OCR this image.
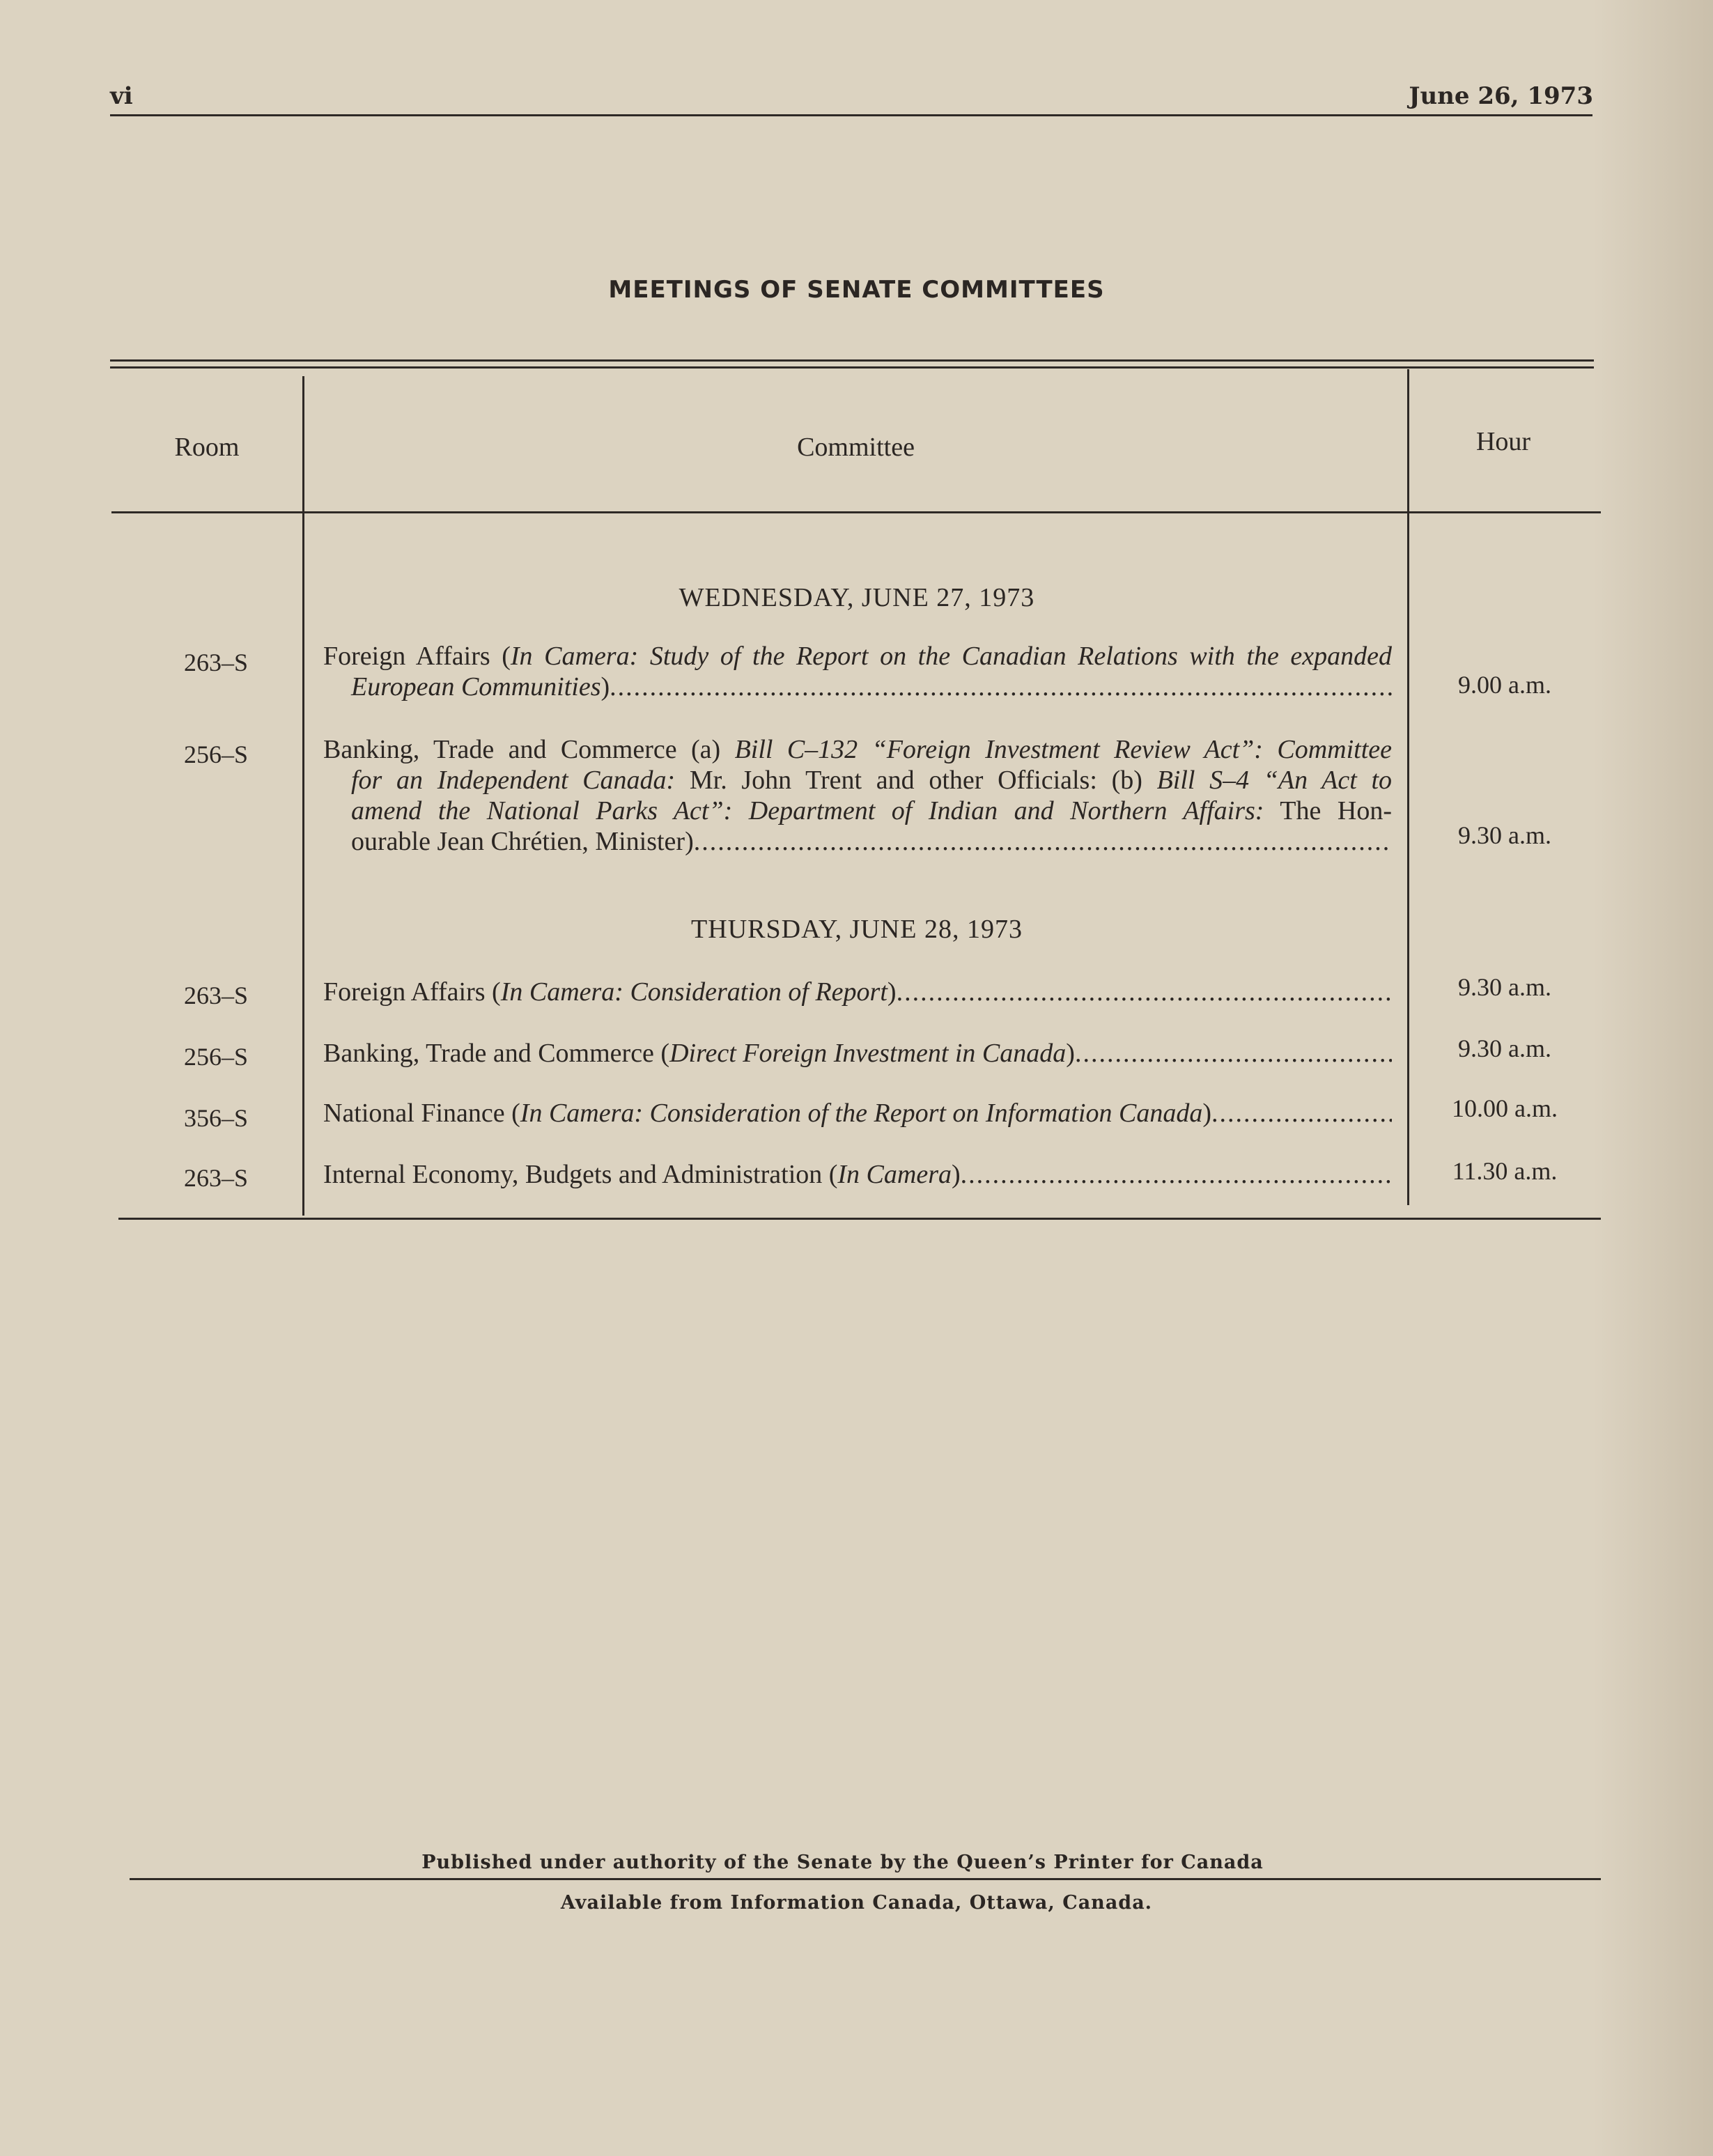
vi	June 26, 1973
MEETINGS OF SENATE COMMITTEES
Room	Committee	Hour
WEDNESDAY, JUNE 27, 1973
263–S	Foreign Affairs (In Camera: Study of the Report on the Canadian Relations with the expanded
European Communities) .....	9.00 a.m.
256–S	Banking, Trade and Commerce (a) Bill C–132 “Foreign Investment Review Act”: Committee
for an Independent Canada: Mr. John Trent and other Officials: (b) Bill S–4 “An Act to
amend the National Parks Act”: Department of Indian and Northern Affairs: The Hon-
ourable Jean Chrétien, Minister) .....	9.30 a.m.
THURSDAY, JUNE 28, 1973
263–S	Foreign Affairs (In Camera: Consideration of Report) .....	9.30 a.m.
256–S	Banking, Trade and Commerce (Direct Foreign Investment in Canada) .....	9.30 a.m.
356–S	National Finance (In Camera: Consideration of the Report on Information Canada) .....	10.00 a.m.
263–S	Internal Economy, Budgets and Administration (In Camera) .....	11.30 a.m.
Published under authority of the Senate by the Queen’s Printer for Canada
Available from Information Canada, Ottawa, Canada.
